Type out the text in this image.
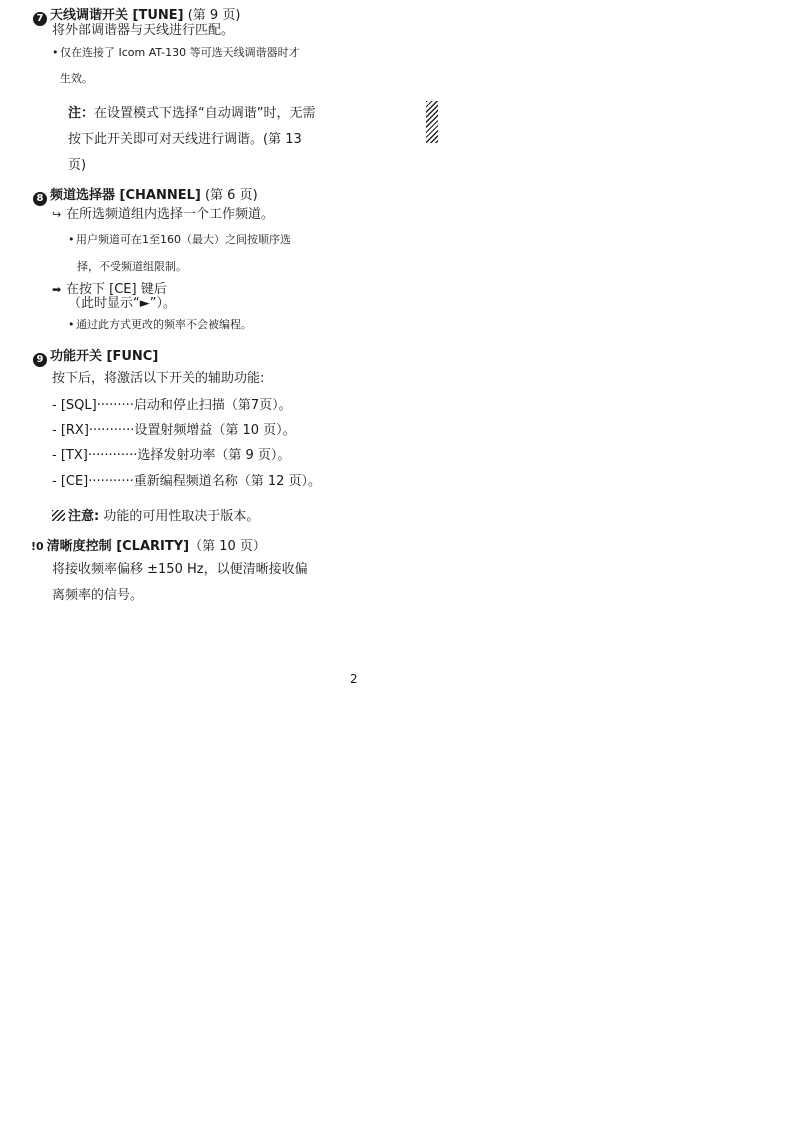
7 天线调谐开关 [TUNE] (第 9 页)
将外部调谐器与天线进行匹配。
• 仅在连接了 Icom AT-130 等可选天线调谐器时才
生效。
注：在设置模式下选择“自动调谐”时，无需
按下此开关即可对天线进行调谐。(第 13
页)
8 频道选择器 [CHANNEL] (第 6 页)
↪ 在所选频道组内选择一个工作频道。
• 用户频道可在1至160（最大）之间按顺序选
择，不受频道组限制。
➡ 在按下 [CE] 键后
（此时显示“►”）。
• 通过此方式更改的频率不会被编程。
9 功能开关 [FUNC]
按下后，将激活以下开关的辅助功能:
- [SQL]·········启动和停止扫描（第7页）。
- [RX]···········设置射频增益（第 10 页）。
- [TX]············选择发射功率（第 9 页）。
- [CE]···········重新编程频道名称（第 12 页）。
注意: 功能的可用性取决于版本。
!0 清晰度控制 [CLARITY]（第 10 页）
将接收频率偏移 ±150 Hz，以便清晰接收偏
离频率的信号。
2
